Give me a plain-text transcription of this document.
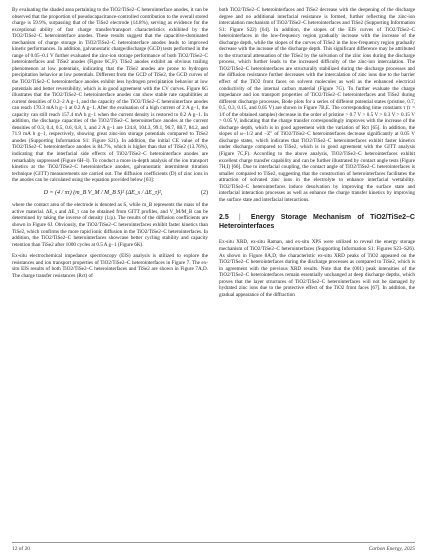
By evaluating the shaded area pertaining to the TiO2/TiSe2–C heterointerface anodes, it can be observed that the proportion of pseudocapacitance-controlled contribution to the overall stored charge is 59.9%, surpassing that of the TiSe2 electrode (14.8%), serving as evidence for the exceptional ability of fast charge transfer/transport characteristics exhibited by the TiO2/TiSe2–C heterointerface anodes. These results suggest that the capacitive-dominated mechanism of charge storage in TiO2/TiSe2–C heterointerface anodes leads to improved kinetic performances. In addition, galvanostatic charge/discharge (GCD) tests performed in the range of 0.05–0.1 V further evaluated the zinc-ion storage performance of both TiO2/TiSe2–C heterointerfaces and TiSe2 anodes (Figure 6C,F). TiSe2 anodes exhibit an obvious trailing phenomenon at low potentials, indicating that the TiSe2 anodes are prone to hydrogen precipitation behavior at low potentials. Different from the GCD of TiSe2, the GCD curves of the TiO2/TiSe2–C heterointerface anodes exhibit less hydrogen precipitation behavior at low potentials and better reversibility, which is in good agreement with the CV curves. Figure 6G illustrates that the TiO2/TiSe2–C heterointerface anodes can show stable rate capabilities at current densities of 0.2–2 A g−1, and the capacity of the TiO2/TiSe2–C heterointerface anodes can reach 170.3 mA h g−1 at 0.2 A g−1. After the evaluation of a high current of 2 A g−1, the capacity can still reach 157.4 mA h g−1 when the current density is restored to 0.2 A g−1. In addition, the discharge capacities of the TiO2/TiSe2–C heterointerface anodes at the current densities of 0.3, 0.4, 0.5, 0.6, 0.8, 1, and 2 A g−1 are 124.8, 104.3, 99.1, 96.7, 88.7, 84.2, and 71.9 mA h g−1, respectively, showing great zinc-ion storage potentials compared to TiSe2 anodes (Supporting Information S1: Figure S21). In addition, the initial CE value of the TiO2/TiSe2–C heterointerface anodes is 84.7%, which is higher than that of TiSe2 (13.76%), indicating that the interfacial side effects of TiO2/TiSe2–C heterointerface anodes are remarkably suppressed (Figure 6H–I). To conduct a more in-depth analysis of the ion transport kinetics at the TiO2/TiSe2–C heterointerface anodes, galvanostatic intermittent titration technique (GITT) measurements are carried out. The diffusion coefficients (D) of zinc ions in the anodes can be calculated using the equation provided below [63]:

D = (4 / πτ) (m_B V_M / M_B S)² (ΔE_s / ΔE_τ)²,	(2)

where the contact area of the electrode is denoted as S, while m_B represents the mass of the active material. ΔE_s and ΔE_τ can be obtained from GITT profiles, and V_M/M_B can be determined by taking the inverse of density (1/ρ). The results of the diffusion coefficients are shown in Figure 6J. Obviously, the TiO2/TiSe2–C heterointerfaces exhibit faster kinetics than TiSe2, which confirms the more rapid ionic diffusion in the TiO2/TiSe2–C heterointerfaces. In addition, the TiO2/TiSe2–C heterointerfaces showcase better cycling stability and capacity retention than TiSe2 after 1000 cycles at 0.5 A g−1 (Figure 6K).

Ex-situ electrochemical impedance spectroscopy (EIS) analysis is utilized to explore the resistances and ion transport properties of TiO2/TiSe2–C heterointerfaces in Figure 7. The ex-situ EIS results of both TiO2/TiSe2–C heterointerfaces and TiSe2 are shown in Figure 7A,D. The charge transfer resistances (Rct) of

both TiO2/TiSe2–C heterointerfaces and TiSe2 decrease with the deepening of the discharge degree and no additional interfacial resistance is formed, further reflecting the zinc-ion intercalation mechanism of TiO2/TiSe2–C heterointerfaces and TiSe2 (Supporting Information S1: Figure S22) [64]. In addition, the slopes of the EIS curves of TiO2/TiSe2–C heterointerfaces in the low-frequency region gradually increase with the increase of the discharge depth, while the slopes of the curves of TiSe2 in the low-frequency region gradually decrease with the increase of the discharge depth. This significant difference may be attributed to the structural attenuation of the TiSe2 by the solvation of the zinc ions during the discharge process, which further leads to the increased difficulty of the zinc-ion intercalation. The TiO2/TiSe2–C heterointerfaces are structurally stabilized during the discharge processes and the diffusion resistance further decreases with the intercalation of zinc ions due to the barrier effect of the TiO2 front faces on solvent molecules as well as the enhanced electrical conductivity of the internal carbon material (Figure 7G). To further evaluate the charge impedance and ion transport properties of TiO2/TiSe2–C heterointerfaces and TiSe2 during different discharge processes, Bode plots for a series of different potential states (pristine, 0.7, 0.5, 0.3, 0.15, and 0.05 V) are shown in Figure 7B,E. The corresponding time constants τ (τ = 1/f of the obtained samples) decrease in the order of pristine > 0.7 V > 0.5 V > 0.3 V > 0.15 V > 0.05 V, indicating that the charge transfer correspondingly improves with the increase of the discharge depth, which is in good agreement with the variation of Rct [65]. In addition, the slopes of ω−1/2 and −Z″ of TiO2/TiSe2–C heterointerfaces decrease significantly at 0.05 V discharge states, which indicates that TiO2/TiSe2–C heterointerfaces exhibit faster kinetics under discharge compared to TiSe2, which is in good agreement with the GITT analysis (Figure 7C,F). According to the above analysis, TiO2/TiSe2–C heterointerfaces exhibit excellent charge transfer capability and can be further illustrated by contact angle tests (Figure 7H,I) [66]. Due to interfacial coupling, the contact angle of TiO2/TiSe2–C heterointerfaces is smaller compared to TiSe2, suggesting that the construction of heterointerfaces facilitates the attraction of solvated zinc ions in the electrolyte to enhance interfacial wettability. TiO2/TiSe2–C heterointerfaces induce desolvation by improving the surface state and interfacial interaction processes as well as enhance the charge transfer kinetics by improving the surface state and interfacial interactions.

2.5 | Energy Storage Mechanism of TiO2/TiSe2–C Heterointerfaces

Ex-situ XRD, ex-situ Raman, and ex-situ XPS were utilized to reveal the energy storage mechanism of TiO2/TiSe2–C heterointerfaces (Supporting Information S1: Figures S23–S26). As shown in Figure 8A,D, the characteristic ex-situ XRD peaks of TiO2 appeared on the TiO2/TiSe2–C heterointerfaces during the discharge processes as compared to TiSe2, which is in agreement with the previous XRD results. Note that the (001) peak intensities of the TiO2/TiSe2–C heterointerfaces remain essentially unchanged at deep discharge depths, which proves that the layer structures of TiO2/TiSe2–C heterointerfaces will not be damaged by hydrated zinc ions due to the protective effect of the TiO2 front faces [67]. In addition, the gradual appearance of the diffraction

12 of 20	Carbon Energy, 2025
